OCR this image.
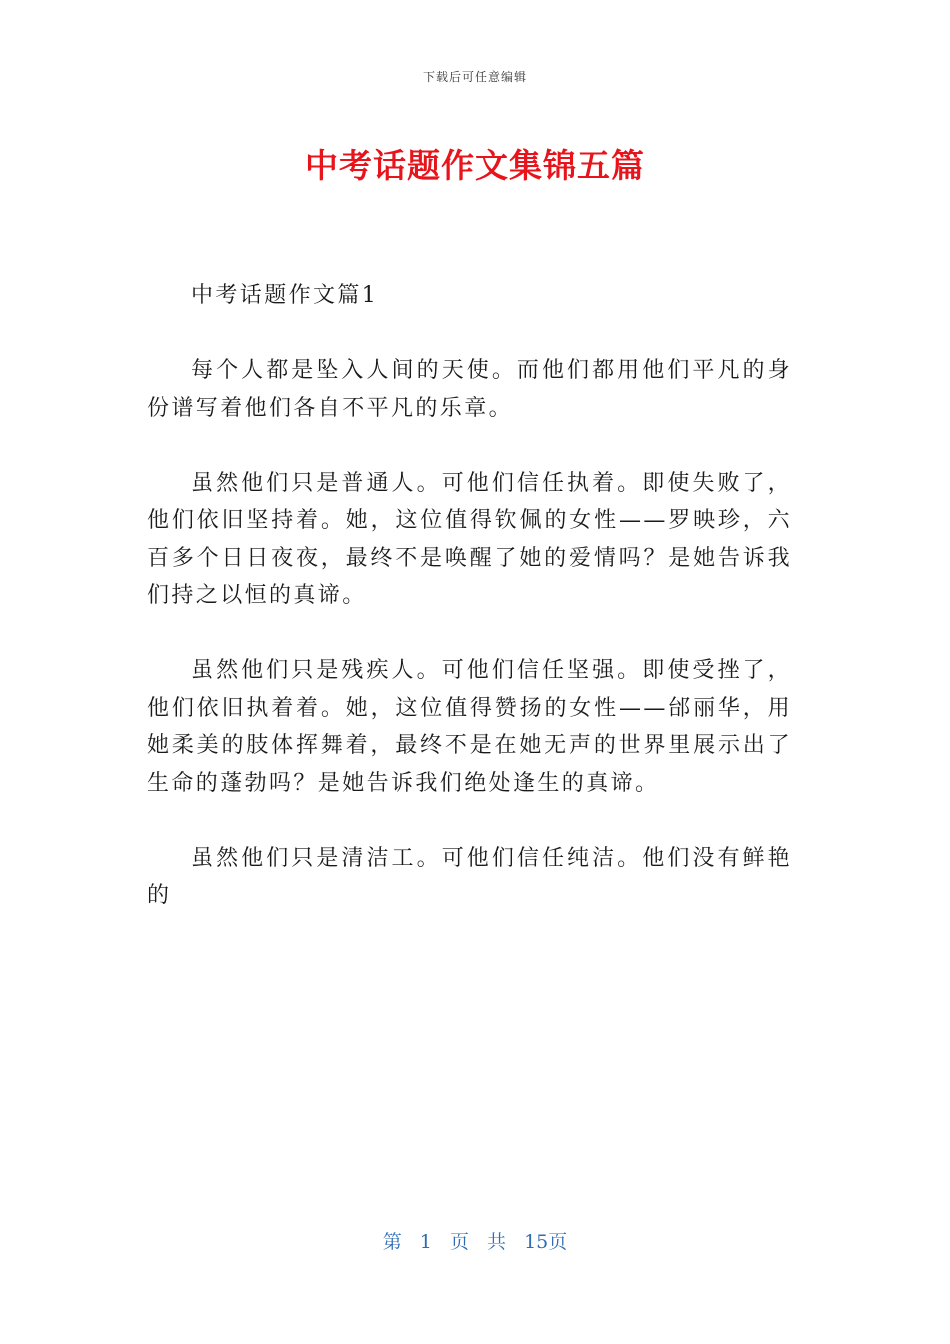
下载后可任意编辑
中考话题作文集锦五篇

中考话题作文篇1

每个人都是坠入人间的天使。而他们都用他们平凡的身份谱写着他们各自不平凡的乐章。

虽然他们只是普通人。可他们信任执着。即使失败了，他们依旧坚持着。她，这位值得钦佩的女性——罗映珍，六百多个日日夜夜，最终不是唤醒了她的爱情吗？是她告诉我们持之以恒的真谛。

虽然他们只是残疾人。可他们信任坚强。即使受挫了，他们依旧执着着。她，这位值得赞扬的女性——邰丽华，用她柔美的肢体挥舞着，最终不是在她无声的世界里展示出了生命的蓬勃吗？是她告诉我们绝处逢生的真谛。

虽然他们只是清洁工。可他们信任纯洁。他们没有鲜艳的

第 1 页 共 15页
